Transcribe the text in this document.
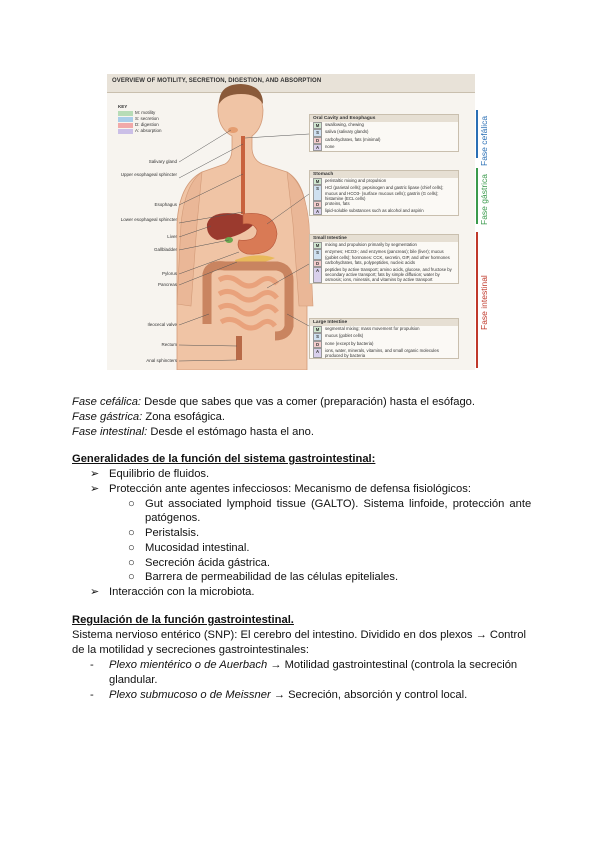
OVERVIEW OF MOTILITY, SECRETION, DIGESTION, AND ABSORPTION
KEY
M: motility
S: secretion
D: digestion
A: absorption
Salivary gland
Upper esophageal sphincter
Esophagus
Lower esophageal sphincter
Liver
Gallbladder
Pylorus
Pancreas
Ileocecal valve
Rectum
Anal sphincters
Oral Cavity and Esophagus
M	swallowing, chewing
S	saliva (salivary glands)
D	carbohydrates, fats (minimal)
A	none
Stomach
M	peristaltic mixing and propulsion
S	HCl (parietal cells); pepsinogen and gastric lipase (chief cells); mucus and HCO3- (surface mucous cells); gastrin (G cells); histamine (ECL cells)
D	proteins, fats
A	lipid-soluble substances such as alcohol and aspirin
Small Intestine
M	mixing and propulsion primarily by segmentation
S	enzymes; HCO3-; and enzymes (pancreas); bile (liver); mucus (goblet cells); hormones: CCK, secretin, GIP, and other hormones
D	carbohydrates, fats, polypeptides, nucleic acids
A	peptides by active transport; amino acids, glucose, and fructose by secondary active transport; fats by simple diffusion; water by osmosis; ions, minerals, and vitamins by active transport
Large Intestine
M	segmental mixing; mass movement for propulsion
S	mucus (goblet cells)
D	none (except by bacteria)
A	ions, water, minerals, vitamins, and small organic molecules produced by bacteria
Fase cefálica
Fase gástrica
Fase intestinal
Fase cefálica: Desde que sabes que vas a comer (preparación) hasta el esófago.
Fase gástrica: Zona esofágica.
Fase intestinal: Desde el estómago hasta el ano.
Generalidades de la función del sistema gastrointestinal:
➢ Equilibrio de fluidos.
➢ Protección ante agentes infecciosos: Mecanismo de defensa fisiológicos:
○ Gut associated lymphoid tissue (GALTO). Sistema linfoide, protección ante
patógenos.
○ Peristalsis.
○ Mucosidad intestinal.
○ Secreción ácida gástrica.
○ Barrera de permeabilidad de las células epiteliales.
➢ Interacción con la microbiota.
Regulación de la función gastrointestinal.
Sistema nervioso entérico (SNP): El cerebro del intestino. Dividido en dos plexos → Control
de la motilidad y secreciones gastrointestinales:
- Plexo mientérico o de Auerbach → Motilidad gastrointestinal (controla la secreción
glandular.
- Plexo submucoso o de Meissner → Secreción, absorción y control local.
